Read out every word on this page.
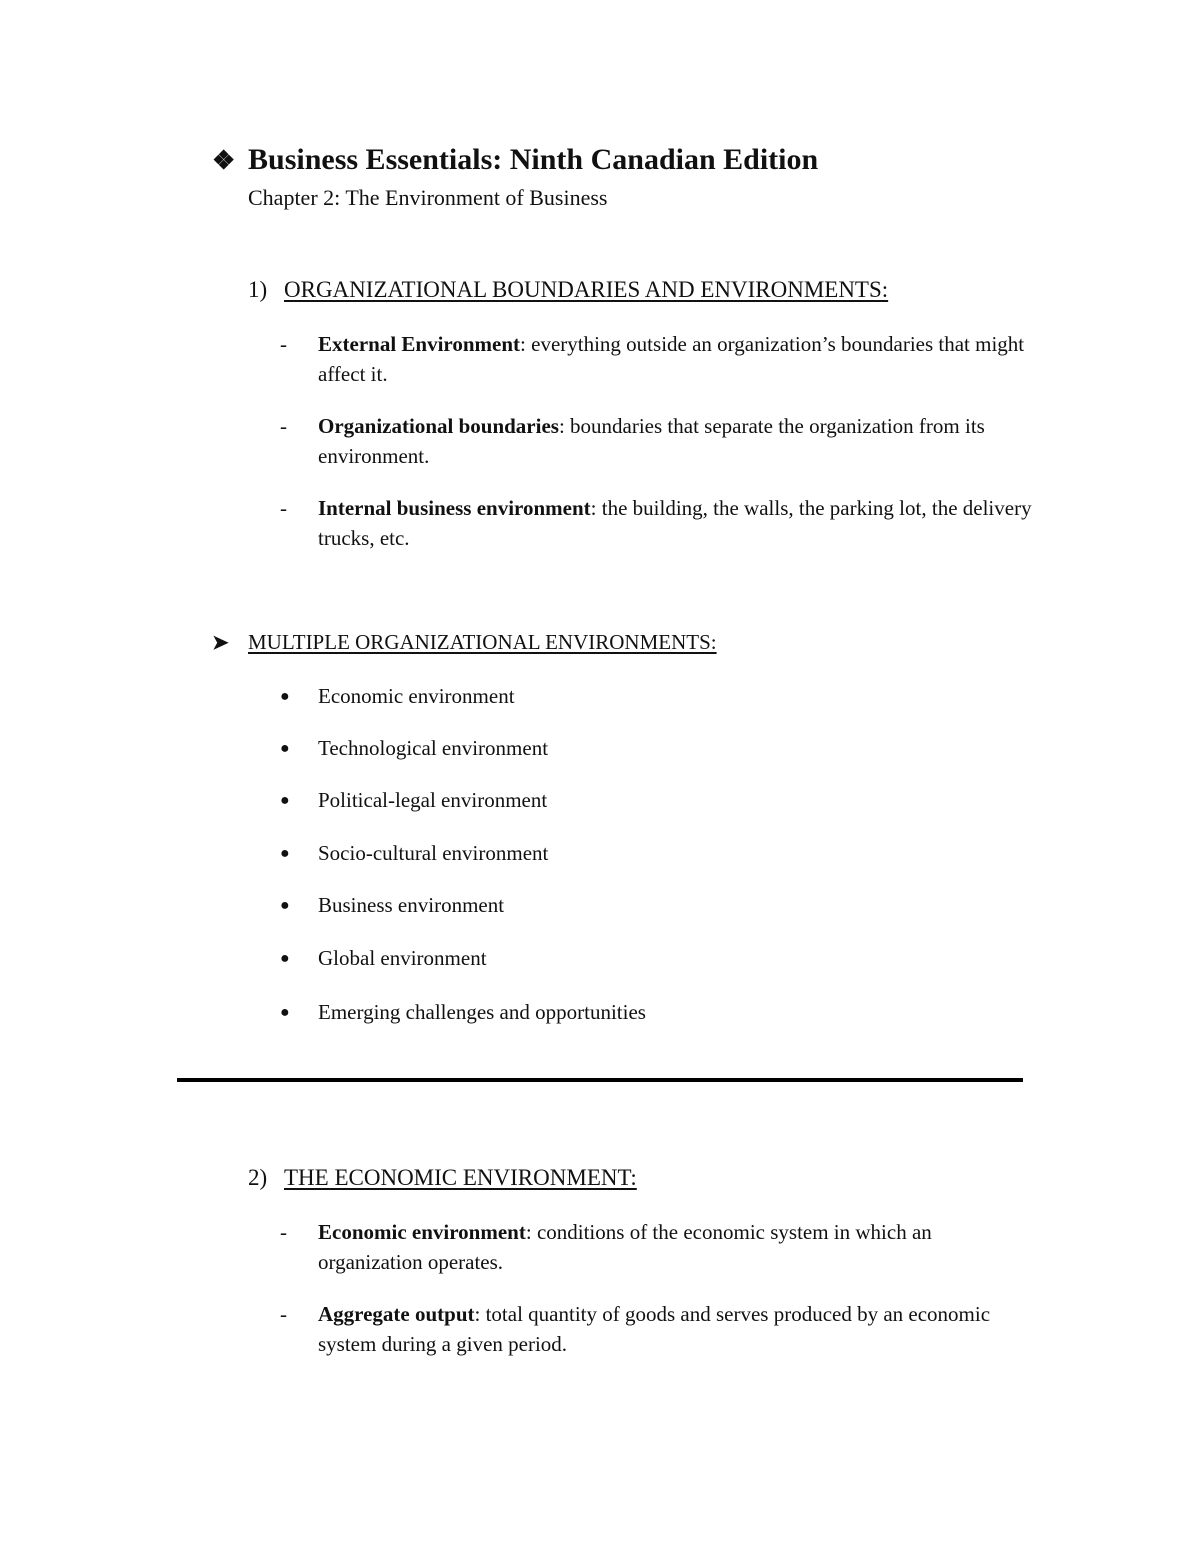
❖ Business Essentials: Ninth Canadian Edition
Chapter 2: The Environment of Business
1) ORGANIZATIONAL BOUNDARIES AND ENVIRONMENTS:
-	External Environment: everything outside an organization’s boundaries that might affect it.
-	Organizational boundaries: boundaries that separate the organization from its environment.
-	Internal business environment: the building, the walls, the parking lot, the delivery trucks, etc.
➤ MULTIPLE ORGANIZATIONAL ENVIRONMENTS:
● Economic environment
● Technological environment
● Political-legal environment
● Socio-cultural environment
● Business environment
● Global environment
● Emerging challenges and opportunities
2) THE ECONOMIC ENVIRONMENT:
-	Economic environment: conditions of the economic system in which an organization operates.
-	Aggregate output: total quantity of goods and serves produced by an economic system during a given period.
